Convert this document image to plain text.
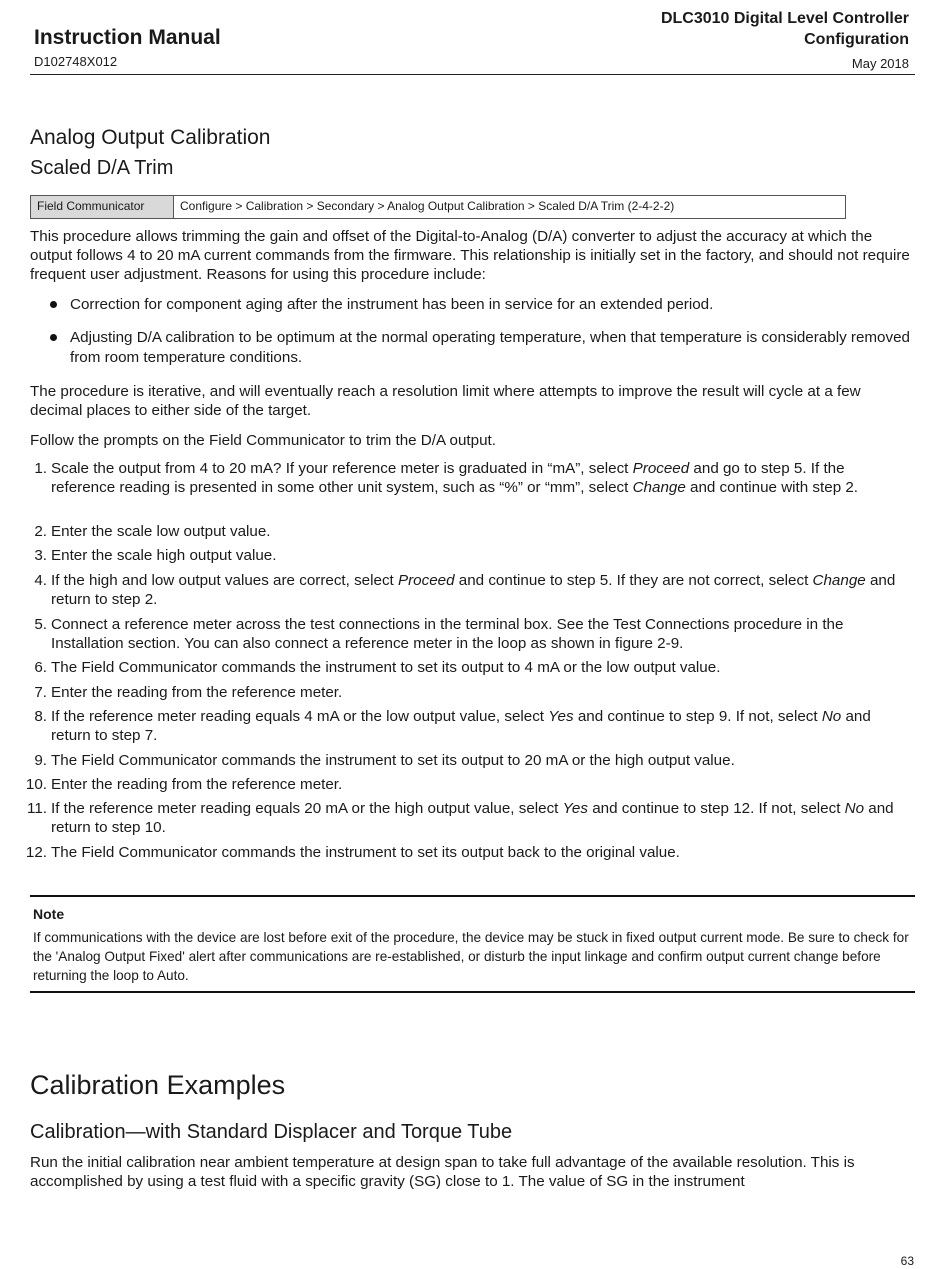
Instruction Manual
D102748X012
DLC3010 Digital Level Controller
Configuration
May 2018
Analog Output Calibration
Scaled D/A Trim
Field Communicator	Configure > Calibration > Secondary > Analog Output Calibration > Scaled D/A Trim (2-4-2-2)
This procedure allows trimming the gain and offset of the Digital-to-Analog (D/A) converter to adjust the accuracy at which the output follows 4 to 20 mA current commands from the firmware. This relationship is initially set in the factory, and should not require frequent user adjustment. Reasons for using this procedure include:
Correction for component aging after the instrument has been in service for an extended period.
Adjusting D/A calibration to be optimum at the normal operating temperature, when that temperature is considerably removed from room temperature conditions.
The procedure is iterative, and will eventually reach a resolution limit where attempts to improve the result will cycle at a few decimal places to either side of the target.
Follow the prompts on the Field Communicator to trim the D/A output.
1. Scale the output from 4 to 20 mA? If your reference meter is graduated in “mA”, select Proceed and go to step 5. If the reference reading is presented in some other unit system, such as “%” or “mm”, select Change and continue with step 2.
2. Enter the scale low output value.
3. Enter the scale high output value.
4. If the high and low output values are correct, select Proceed and continue to step 5. If they are not correct, select Change and return to step 2.
5. Connect a reference meter across the test connections in the terminal box. See the Test Connections procedure in the Installation section. You can also connect a reference meter in the loop as shown in figure 2-9.
6. The Field Communicator commands the instrument to set its output to 4 mA or the low output value.
7. Enter the reading from the reference meter.
8. If the reference meter reading equals 4 mA or the low output value, select Yes and continue to step 9. If not, select No and return to step 7.
9. The Field Communicator commands the instrument to set its output to 20 mA or the high output value.
10. Enter the reading from the reference meter.
11. If the reference meter reading equals 20 mA or the high output value, select Yes and continue to step 12. If not, select No and return to step 10.
12. The Field Communicator commands the instrument to set its output back to the original value.
Note
If communications with the device are lost before exit of the procedure, the device may be stuck in fixed output current mode. Be sure to check for the 'Analog Output Fixed' alert after communications are re-established, or disturb the input linkage and confirm output current change before returning the loop to Auto.
Calibration Examples
Calibration—with Standard Displacer and Torque Tube
Run the initial calibration near ambient temperature at design span to take full advantage of the available resolution. This is accomplished by using a test fluid with a specific gravity (SG) close to 1. The value of SG in the instrument
63
